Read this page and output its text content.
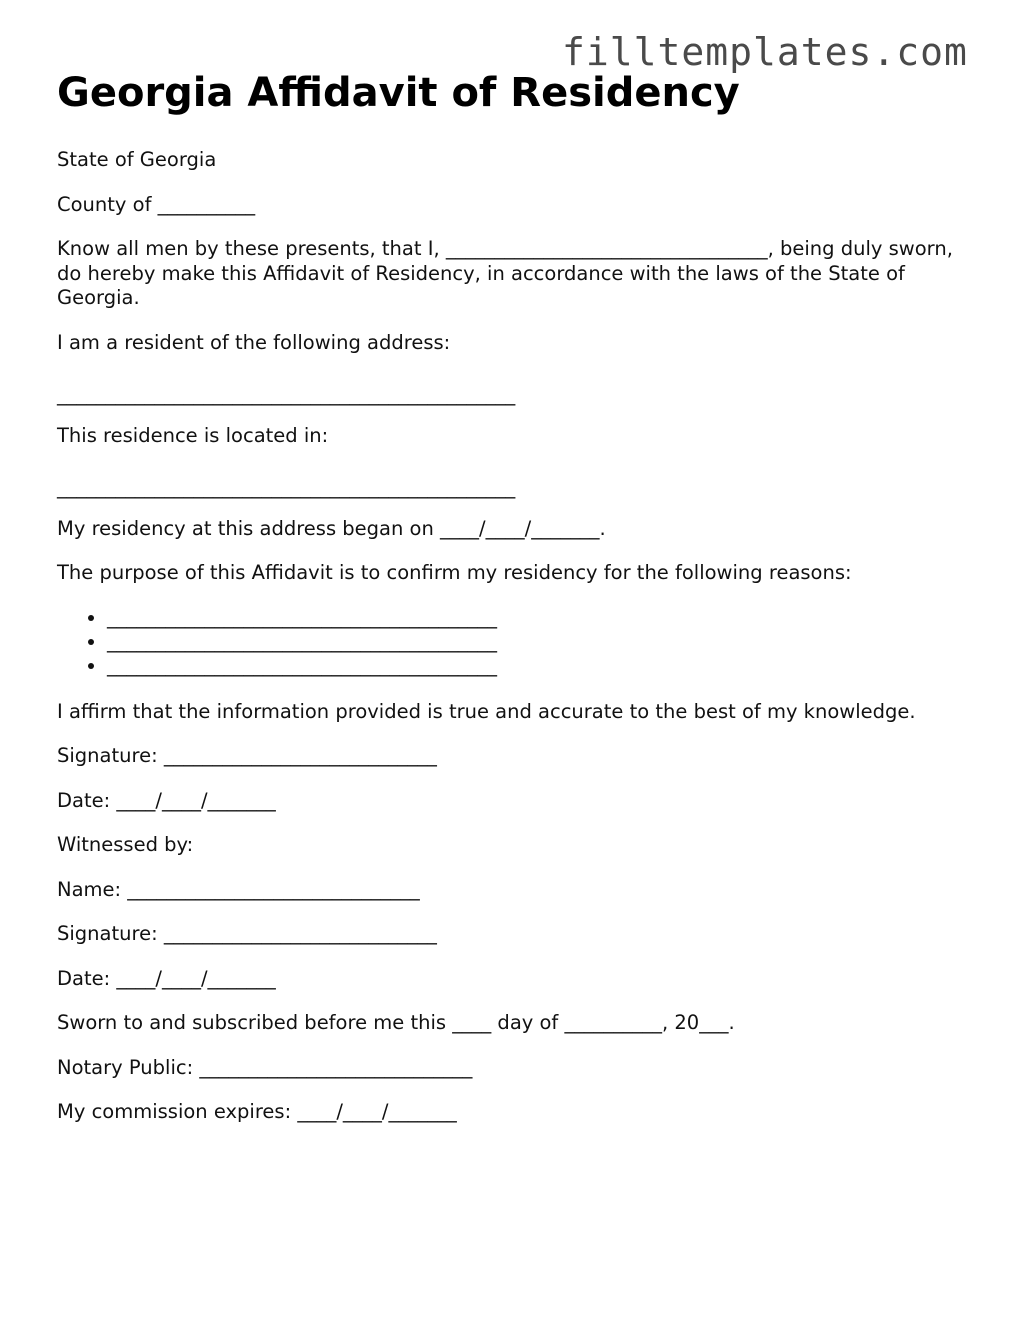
filltemplates.com
Georgia Affidavit of Residency

State of Georgia

County of __________

Know all men by these presents, that I, _________________________________, being duly sworn, do hereby make this Affidavit of Residency, in accordance with the laws of the State of Georgia.

I am a resident of the following address:

_______________________________________________

This residence is located in:

_______________________________________________

My residency at this address began on ____/____/_______.

The purpose of this Affidavit is to confirm my residency for the following reasons:

• ________________________________________
• ________________________________________
• ________________________________________

I affirm that the information provided is true and accurate to the best of my knowledge.

Signature: ____________________________

Date: ____/____/_______

Witnessed by:

Name: ______________________________

Signature: ____________________________

Date: ____/____/_______

Sworn to and subscribed before me this ____ day of __________, 20___.

Notary Public: ____________________________

My commission expires: ____/____/_______
